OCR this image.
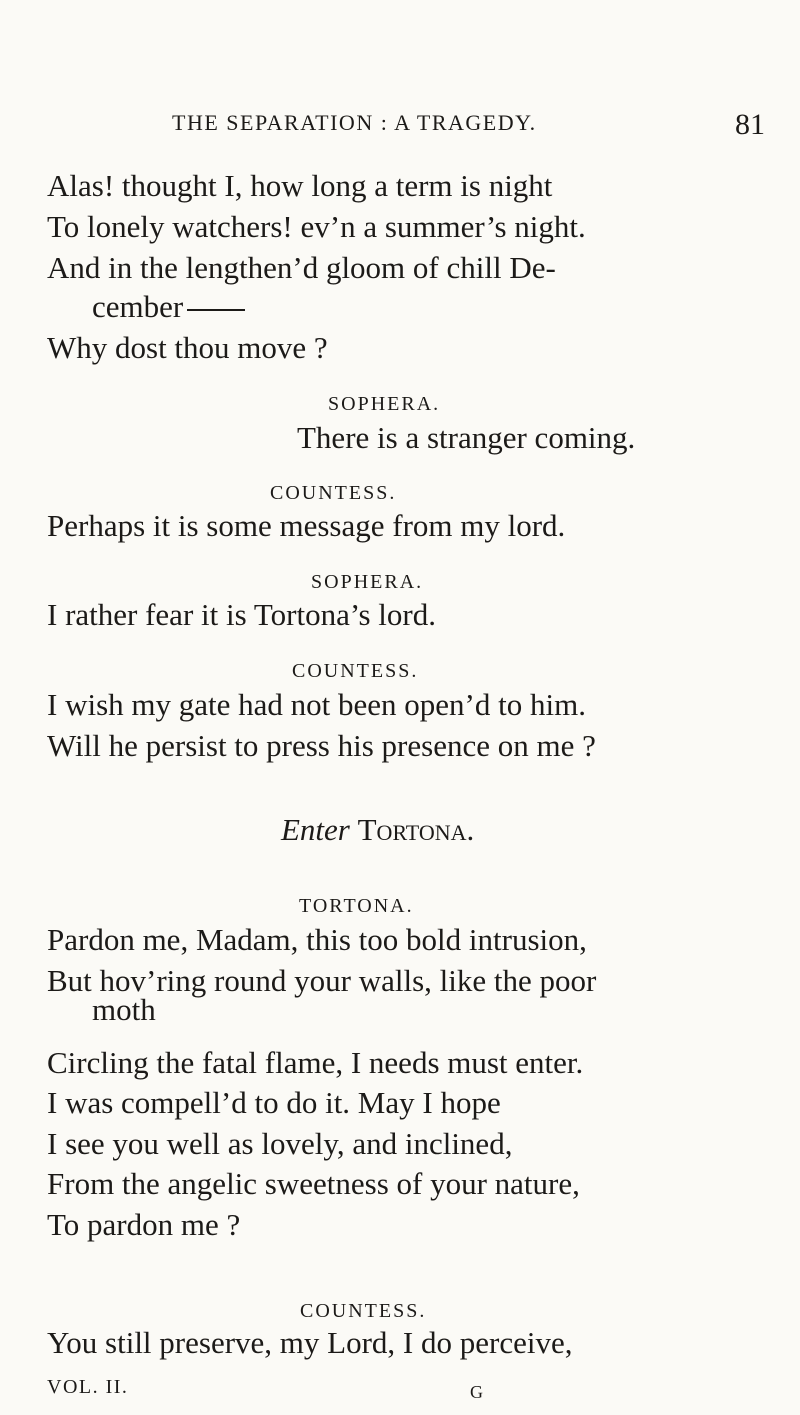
THE SEPARATION : A TRAGEDY.	81
Alas! thought I, how long a term is night
To lonely watchers! ev’n a summer’s night.
And in the lengthen’d gloom of chill De-
cember
Why dost thou move ?
SOPHERA.
There is a stranger coming.
COUNTESS.
Perhaps it is some message from my lord.
SOPHERA.
I rather fear it is Tortona’s lord.
COUNTESS.
I wish my gate had not been open’d to him.
Will he persist to press his presence on me ?
Enter Tortona.
TORTONA.
Pardon me, Madam, this too bold intrusion,
But hov’ring round your walls, like the poor
moth
Circling the fatal flame, I needs must enter.
I was compell’d to do it. May I hope
I see you well as lovely, and inclined,
From the angelic sweetness of your nature,
To pardon me ?
COUNTESS.
You still preserve, my Lord, I do perceive,
VOL. II.	G
